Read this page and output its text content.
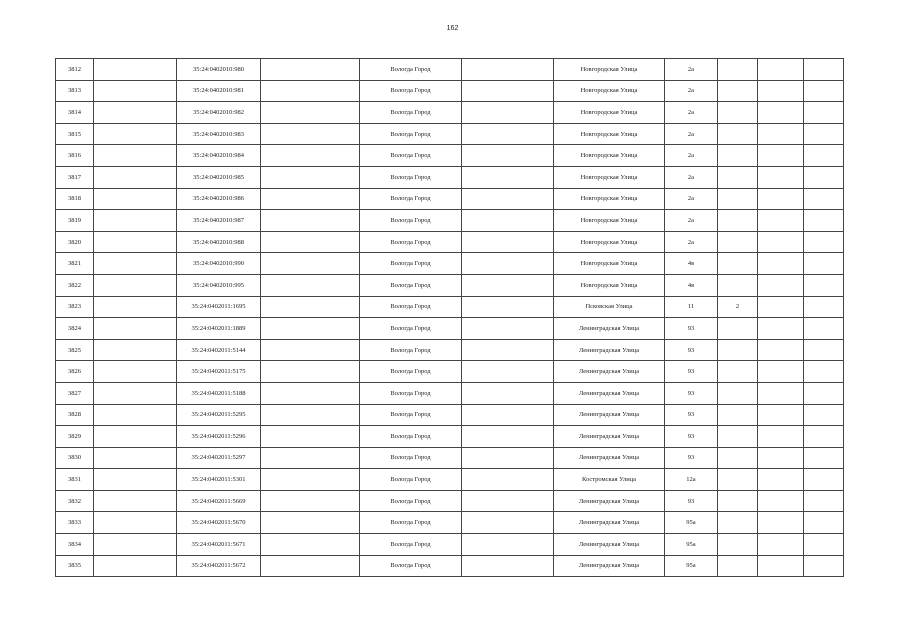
162
3812		35:24:0402010:980		Вологда Город		Новгородская Улица	2а			
3813		35:24:0402010:981		Вологда Город		Новгородская Улица	2а			
3814		35:24:0402010:982		Вологда Город		Новгородская Улица	2а			
3815		35:24:0402010:983		Вологда Город		Новгородская Улица	2а			
3816		35:24:0402010:984		Вологда Город		Новгородская Улица	2а			
3817		35:24:0402010:985		Вологда Город		Новгородская Улица	2а			
3818		35:24:0402010:986		Вологда Город		Новгородская Улица	2а			
3819		35:24:0402010:987		Вологда Город		Новгородская Улица	2а			
3820		35:24:0402010:988		Вологда Город		Новгородская Улица	2а			
3821		35:24:0402010:990		Вологда Город		Новгородская Улица	4в			
3822		35:24:0402010:995		Вологда Город		Новгородская Улица	4в			
3823		35:24:0402011:1695		Вологда Город		Псковская Улица	11	2		
3824		35:24:0402011:1889		Вологда Город		Ленинградская Улица	93			
3825		35:24:0402011:5144		Вологда Город		Ленинградская Улица	93			
3826		35:24:0402011:5175		Вологда Город		Ленинградская Улица	93			
3827		35:24:0402011:5188		Вологда Город		Ленинградская Улица	93			
3828		35:24:0402011:5295		Вологда Город		Ленинградская Улица	93			
3829		35:24:0402011:5296		Вологда Город		Ленинградская Улица	93			
3830		35:24:0402011:5297		Вологда Город		Ленинградская Улица	93			
3831		35:24:0402011:5301		Вологда Город		Костромская Улица	12а			
3832		35:24:0402011:5669		Вологда Город		Ленинградская Улица	93			
3833		35:24:0402011:5670		Вологда Город		Ленинградская Улица	95а			
3834		35:24:0402011:5671		Вологда Город		Ленинградская Улица	95а			
3835		35:24:0402011:5672		Вологда Город		Ленинградская Улица	95а			
